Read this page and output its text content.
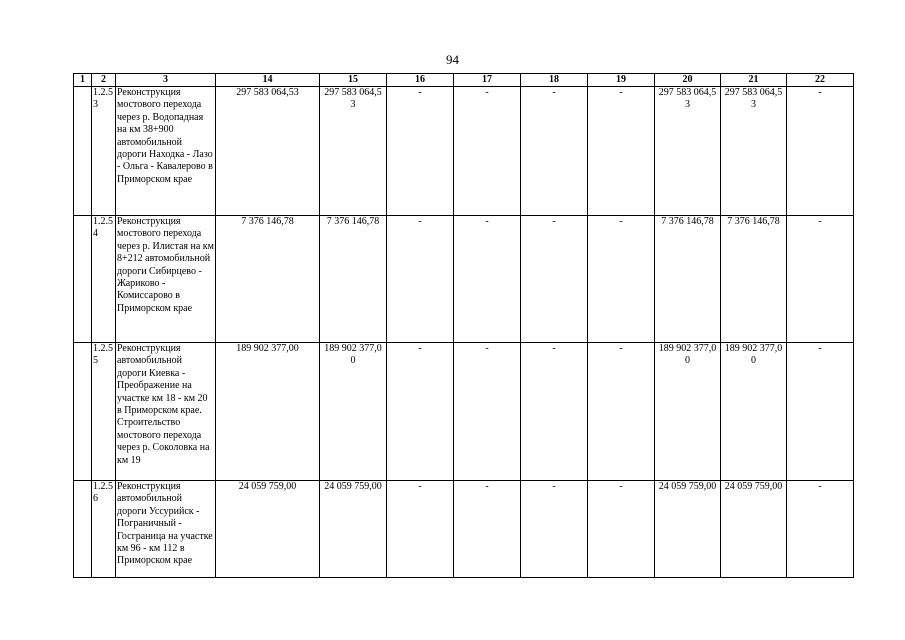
94
1	2	3	14	15	16	17	18	19	20	21	22
	1.2.5 3	Реконструкция мостового перехода через р. Водопадная на км 38+900 автомобильной дороги Находка - Лазо - Ольга - Кавалерово в Приморском крае	297 583 064,53	297 583 064,5 3	-	-	-	-	297 583 064,5 3	297 583 064,5 3	-
	1.2.5 4	Реконструкция мостового перехода через р. Илистая на км 8+212 автомобильной дороги Сибирцево - Жариково - Комиссарово в Приморском крае	7 376 146,78	7 376 146,78	-	-	-	-	7 376 146,78	7 376 146,78	-
	1.2.5 5	Реконструкция автомобильной дороги Киевка - Преображение на участке км 18 - км 20 в Приморском крае. Строительство мостового перехода через р. Соколовка на км 19	189 902 377,00	189 902 377,0 0	-	-	-	-	189 902 377,0 0	189 902 377,0 0	-
	1.2.5 6	Реконструкция автомобильной дороги Уссурийск - Пограничный - Госграница на участке км 96 - км 112 в Приморском крае	24 059 759,00	24 059 759,00	-	-	-	-	24 059 759,00	24 059 759,00	-
